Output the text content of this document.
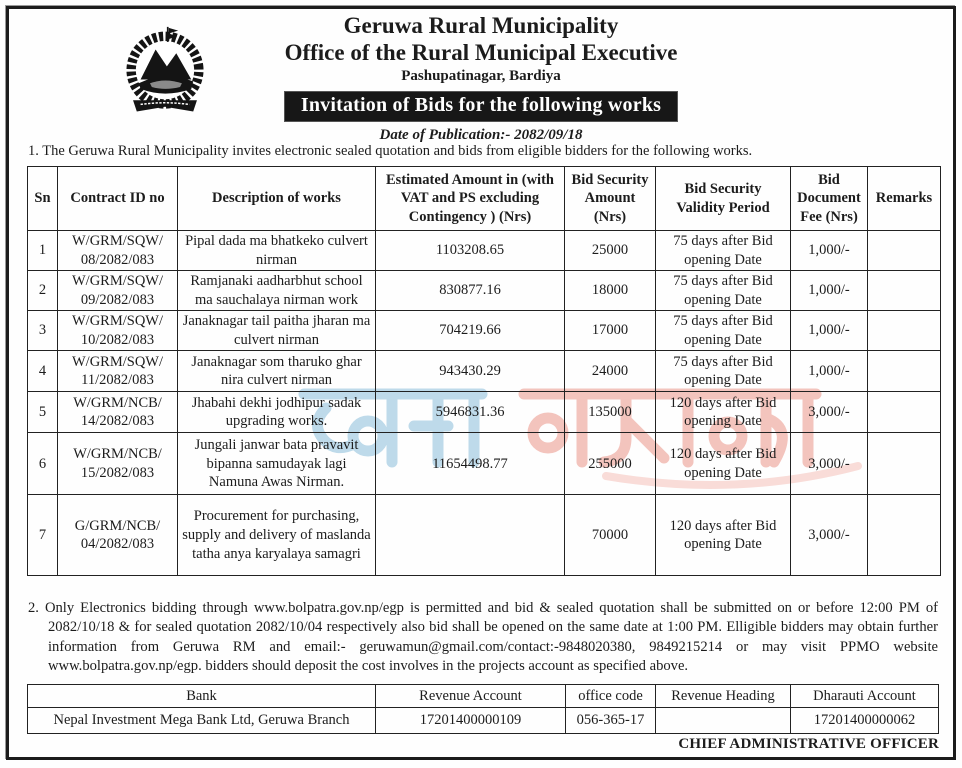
Geruwa Rural Municipality
Office of the Rural Municipal Executive
Pashupatinagar, Bardiya
Invitation of Bids for the following works
Date of Publication:- 2082/09/18
1. The Geruwa Rural Municipality invites electronic sealed quotation and bids from eligible bidders for the following works.
Sn	Contract ID no	Description of works	Estimated Amount in (with VAT and PS excluding Contingency ) (Nrs)	Bid Security Amount (Nrs)	Bid Security Validity Period	Bid Document Fee (Nrs)	Remarks
1	W/GRM/SQW/ 08/2082/083	Pipal dada ma bhatkeko culvert nirman	1103208.65	25000	75 days after Bid opening Date	1,000/-	
2	W/GRM/SQW/ 09/2082/083	Ramjanaki aadharbhut school ma sauchalaya nirman work	830877.16	18000	75 days after Bid opening Date	1,000/-	
3	W/GRM/SQW/ 10/2082/083	Janaknagar tail paitha jharan ma culvert nirman	704219.66	17000	75 days after Bid opening Date	1,000/-	
4	W/GRM/SQW/ 11/2082/083	Janaknagar som tharuko ghar nira culvert nirman	943430.29	24000	75 days after Bid opening Date	1,000/-	
5	W/GRM/NCB/ 14/2082/083	Jhabahi dekhi jodhipur sadak upgrading works.	5946831.36	135000	120 days after Bid opening Date	3,000/-	
6	W/GRM/NCB/ 15/2082/083	Jungali janwar bata pravavit bipanna samudayak lagi Namuna Awas Nirman.	11654498.77	255000	120 days after Bid opening Date	3,000/-	
7	G/GRM/NCB/ 04/2082/083	Procurement for purchasing, supply and delivery of maslanda tatha anya karyalaya samagri		70000	120 days after Bid opening Date	3,000/-	
2. Only Electronics bidding through www.bolpatra.gov.np/egp is permitted and bid & sealed quotation shall be submitted on or before 12:00 PM of 2082/10/18 & for sealed quotation 2082/10/04 respectively also bid shall be opened on the same date at 1:00 PM. Elligible bidders may obtain further information from Geruwa RM and email:- geruwamun@gmail.com/contact:-9848020380, 9849215214 or may visit PPMO website www.bolpatra.gov.np/egp. bidders should deposit the cost involves in the projects account as specified above.
Bank	Revenue Account	office code	Revenue Heading	Dharauti Account
Nepal Investment Mega Bank Ltd, Geruwa Branch	17201400000109	056-365-17		17201400000062
CHIEF ADMINISTRATIVE OFFICER
